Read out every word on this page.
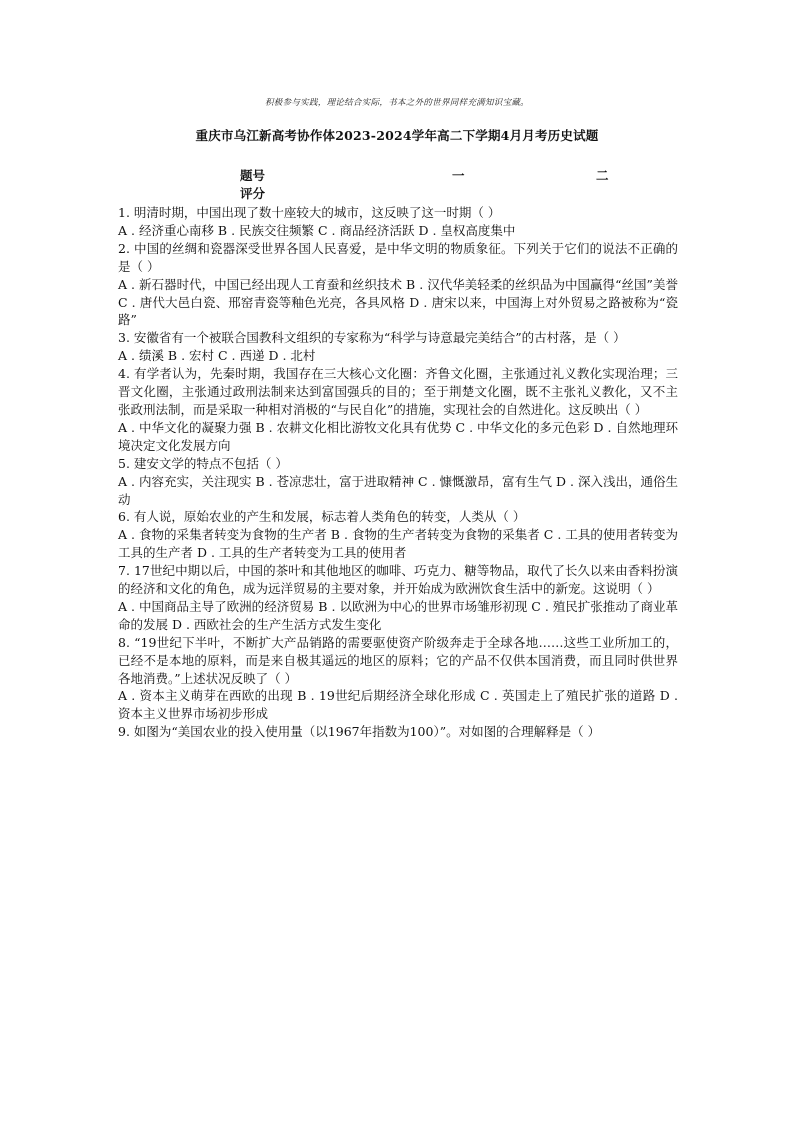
积极参与实践，理论结合实际，书本之外的世界同样充满知识宝藏。
重庆市乌江新高考协作体2023-2024学年高二下学期4月月考历史试题
题号	一	二
评分

1. 明清时期，中国出现了数十座较大的城市，这反映了这一时期（ ）

A . 经济重心南移 B . 民族交往频繁 C . 商品经济活跃 D . 皇权高度集中

2. 中国的丝绸和瓷器深受世界各国人民喜爱，是中华文明的物质象征。下列关于它们的说法不正确的是（ ）

A . 新石器时代，中国已经出现人工育蚕和丝织技术 B . 汉代华美轻柔的丝织品为中国赢得“丝国”美誉 C . 唐代大邑白瓷、邢窑青瓷等釉色光亮，各具风格 D . 唐宋以来，中国海上对外贸易之路被称为“瓷路”

3. 安徽省有一个被联合国教科文组织的专家称为“科学与诗意最完美结合”的古村落，是（ ）

A . 绩溪 B . 宏村 C . 西递 D . 北村

4. 有学者认为，先秦时期，我国存在三大核心文化圈：齐鲁文化圈，主张通过礼义教化实现治理；三晋文化圈，主张通过政刑法制来达到富国强兵的目的；至于荆楚文化圈，既不主张礼义教化，又不主张政刑法制，而是采取一种相对消极的“与民自化”的措施，实现社会的自然进化。这反映出（ ）

A . 中华文化的凝聚力强 B . 农耕文化相比游牧文化具有优势 C . 中华文化的多元色彩 D . 自然地理环境决定文化发展方向

5. 建安文学的特点不包括（ ）

A . 内容充实，关注现实 B . 苍凉悲壮，富于进取精神 C . 慷慨激昂，富有生气 D . 深入浅出，通俗生动

6. 有人说，原始农业的产生和发展，标志着人类角色的转变，人类从（ ）

A . 食物的采集者转变为食物的生产者 B . 食物的生产者转变为食物的采集者 C . 工具的使用者转变为工具的生产者 D . 工具的生产者转变为工具的使用者

7. 17世纪中期以后，中国的茶叶和其他地区的咖啡、巧克力、糖等物品，取代了长久以来由香料扮演的经济和文化的角色，成为远洋贸易的主要对象，并开始成为欧洲饮食生活中的新宠。这说明（ ）

A . 中国商品主导了欧洲的经济贸易 B . 以欧洲为中心的世界市场雏形初现 C . 殖民扩张推动了商业革命的发展 D . 西欧社会的生产生活方式发生变化

8. “19世纪下半叶，不断扩大产品销路的需要驱使资产阶级奔走于全球各地……这些工业所加工的，已经不是本地的原料，而是来自极其遥远的地区的原料；它的产品不仅供本国消费，而且同时供世界各地消费。”上述状况反映了（ ）

A . 资本主义萌芽在西欧的出现 B . 19世纪后期经济全球化形成 C . 英国走上了殖民扩张的道路 D . 资本主义世界市场初步形成

9. 如图为“美国农业的投入使用量（以1967年指数为100）”。对如图的合理解释是（ ）
